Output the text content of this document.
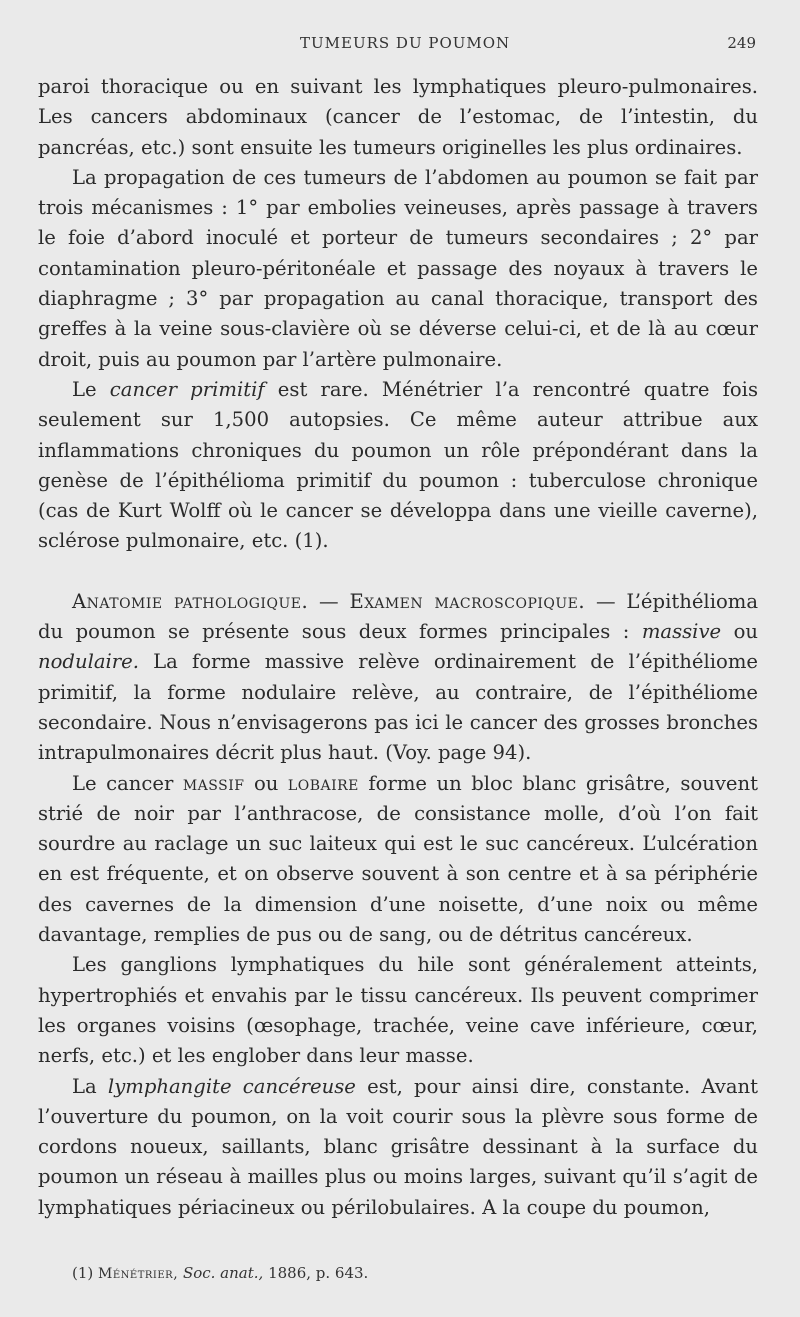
TUMEURS DU POUMON	249

paroi thoracique ou en suivant les lymphatiques pleuro-pulmonaires. Les cancers abdominaux (cancer de l’estomac, de l’intestin, du pancréas, etc.) sont ensuite les tumeurs originelles les plus ordinaires.

La propagation de ces tumeurs de l’abdomen au poumon se fait par trois mécanismes : 1° par embolies veineuses, après passage à travers le foie d’abord inoculé et porteur de tumeurs secondaires ; 2° par contamination pleuro-péritonéale et passage des noyaux à travers le diaphragme ; 3° par propagation au canal thoracique, transport des greffes à la veine sous-clavière où se déverse celui-ci, et de là au cœur droit, puis au poumon par l’artère pulmonaire.

Le cancer primitif est rare. Ménétrier l’a rencontré quatre fois seulement sur 1,500 autopsies. Ce même auteur attribue aux inflammations chroniques du poumon un rôle prépondérant dans la genèse de l’épithélioma primitif du poumon : tuberculose chronique (cas de Kurt Wolff où le cancer se développa dans une vieille caverne), sclérose pulmonaire, etc. (1).

Anatomie pathologique. — Examen macroscopique. — L’épithélioma du poumon se présente sous deux formes principales : massive ou nodulaire. La forme massive relève ordinairement de l’épithéliome primitif, la forme nodulaire relève, au contraire, de l’épithéliome secondaire. Nous n’envisagerons pas ici le cancer des grosses bronches intrapulmonaires décrit plus haut. (Voy. page 94).

Le cancer massif ou lobaire forme un bloc blanc grisâtre, souvent strié de noir par l’anthracose, de consistance molle, d’où l’on fait sourdre au raclage un suc laiteux qui est le suc cancéreux. L’ulcération en est fréquente, et on observe souvent à son centre et à sa périphérie des cavernes de la dimension d’une noisette, d’une noix ou même davantage, remplies de pus ou de sang, ou de détritus cancéreux.

Les ganglions lymphatiques du hile sont généralement atteints, hypertrophiés et envahis par le tissu cancéreux. Ils peuvent comprimer les organes voisins (œsophage, trachée, veine cave inférieure, cœur, nerfs, etc.) et les englober dans leur masse.

La lymphangite cancéreuse est, pour ainsi dire, constante. Avant l’ouverture du poumon, on la voit courir sous la plèvre sous forme de cordons noueux, saillants, blanc grisâtre dessinant à la surface du poumon un réseau à mailles plus ou moins larges, suivant qu’il s’agit de lymphatiques périacineux ou périlobulaires. A la coupe du poumon,

(1) Ménétrier, Soc. anat., 1886, p. 643.
